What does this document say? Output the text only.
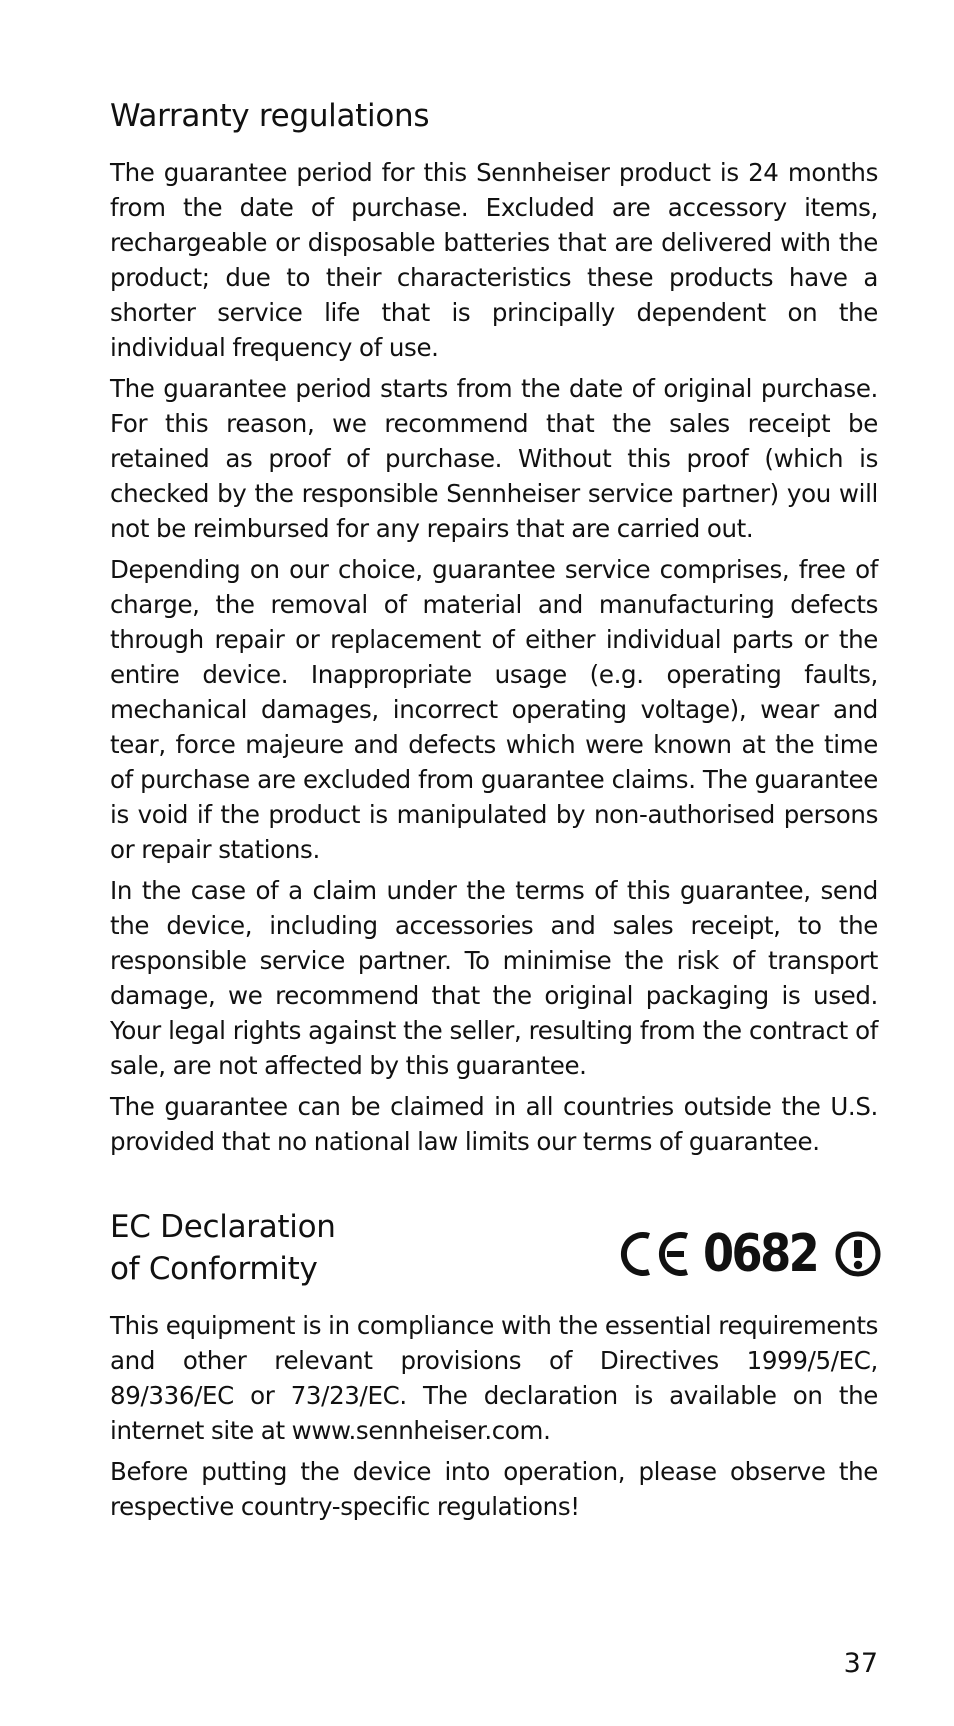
Warranty regulations

The guarantee period for this Sennheiser product is 24 months from the date of purchase. Excluded are accessory items, rechargeable or disposable batteries that are delivered with the product; due to their characteristics these products have a shorter service life that is principally dependent on the individual frequency of use.

The guarantee period starts from the date of original purchase. For this reason, we recommend that the sales receipt be retained as proof of purchase. Without this proof (which is checked by the responsible Sennheiser service partner) you will not be reimbursed for any repairs that are carried out.

Depending on our choice, guarantee service comprises, free of charge, the removal of material and manufacturing defects through repair or replacement of either individual parts or the entire device. Inappropriate usage (e.g. operating faults, mechanical damages, incorrect operating voltage), wear and tear, force majeure and defects which were known at the time of purchase are excluded from guarantee claims. The guarantee is void if the product is manipulated by non-authorised persons or repair stations.

In the case of a claim under the terms of this guarantee, send the device, including accessories and sales receipt, to the responsible service partner. To minimise the risk of transport damage, we recommend that the original packaging is used. Your legal rights against the seller, resulting from the contract of sale, are not affected by this guarantee.

The guarantee can be claimed in all countries outside the U.S. provided that no national law limits our terms of guarantee.

EC Declaration
of Conformity	0682

This equipment is in compliance with the essential requirements and other relevant provisions of Directives 1999/5/EC, 89/336/EC or 73/23/EC. The declaration is available on the internet site at www.sennheiser.com.

Before putting the device into operation, please observe the respective country-specific regulations!

37
